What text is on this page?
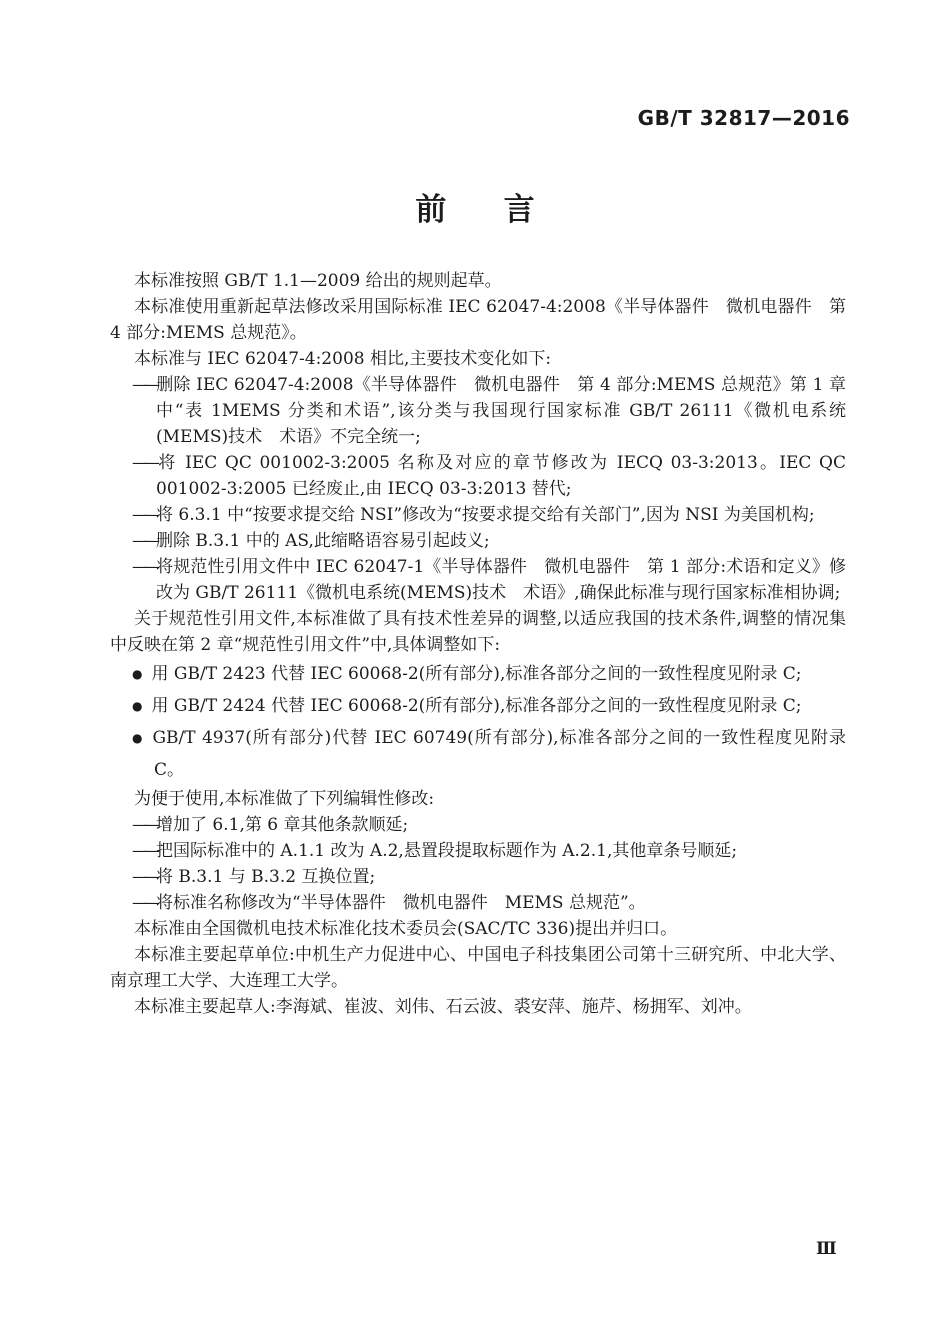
GB/T 32817—2016
前言

本标准按照 GB/T 1.1—2009 给出的规则起草。

本标准使用重新起草法修改采用国际标准 IEC 62047-4:2008《半导体器件　微机电器件　第 4 部分:MEMS 总规范》。

本标准与 IEC 62047-4:2008 相比,主要技术变化如下:

—— 删除 IEC 62047-4:2008《半导体器件　微机电器件　第 4 部分:MEMS 总规范》第 1 章中“表 1MEMS 分类和术语”,该分类与我国现行国家标准 GB/T 26111《微机电系统(MEMS)技术　术语》不完全统一;

—— 将 IEC QC 001002-3:2005 名称及对应的章节修改为 IECQ 03-3:2013。IEC QC 001002-3:2005 已经废止,由 IECQ 03-3:2013 替代;

—— 将 6.3.1 中“按要求提交给 NSI”修改为“按要求提交给有关部门”,因为 NSI 为美国机构;

—— 删除 B.3.1 中的 AS,此缩略语容易引起歧义;

—— 将规范性引用文件中 IEC 62047-1《半导体器件　微机电器件　第 1 部分:术语和定义》修改为 GB/T 26111《微机电系统(MEMS)技术　术语》,确保此标准与现行国家标准相协调;

关于规范性引用文件,本标准做了具有技术性差异的调整,以适应我国的技术条件,调整的情况集中反映在第 2 章“规范性引用文件”中,具体调整如下:

● 用 GB/T 2423 代替 IEC 60068-2(所有部分),标准各部分之间的一致性程度见附录 C;

● 用 GB/T 2424 代替 IEC 60068-2(所有部分),标准各部分之间的一致性程度见附录 C;

● GB/T 4937(所有部分)代替 IEC 60749(所有部分),标准各部分之间的一致性程度见附录 C。

为便于使用,本标准做了下列编辑性修改:

—— 增加了 6.1,第 6 章其他条款顺延;

—— 把国际标准中的 A.1.1 改为 A.2,悬置段提取标题作为 A.2.1,其他章条号顺延;

—— 将 B.3.1 与 B.3.2 互换位置;

—— 将标准名称修改为“半导体器件　微机电器件　MEMS 总规范”。

本标准由全国微机电技术标准化技术委员会(SAC/TC 336)提出并归口。

本标准主要起草单位:中机生产力促进中心、中国电子科技集团公司第十三研究所、中北大学、南京理工大学、大连理工大学。

本标准主要起草人:李海斌、崔波、刘伟、石云波、裘安萍、施芹、杨拥军、刘冲。

Ⅲ
